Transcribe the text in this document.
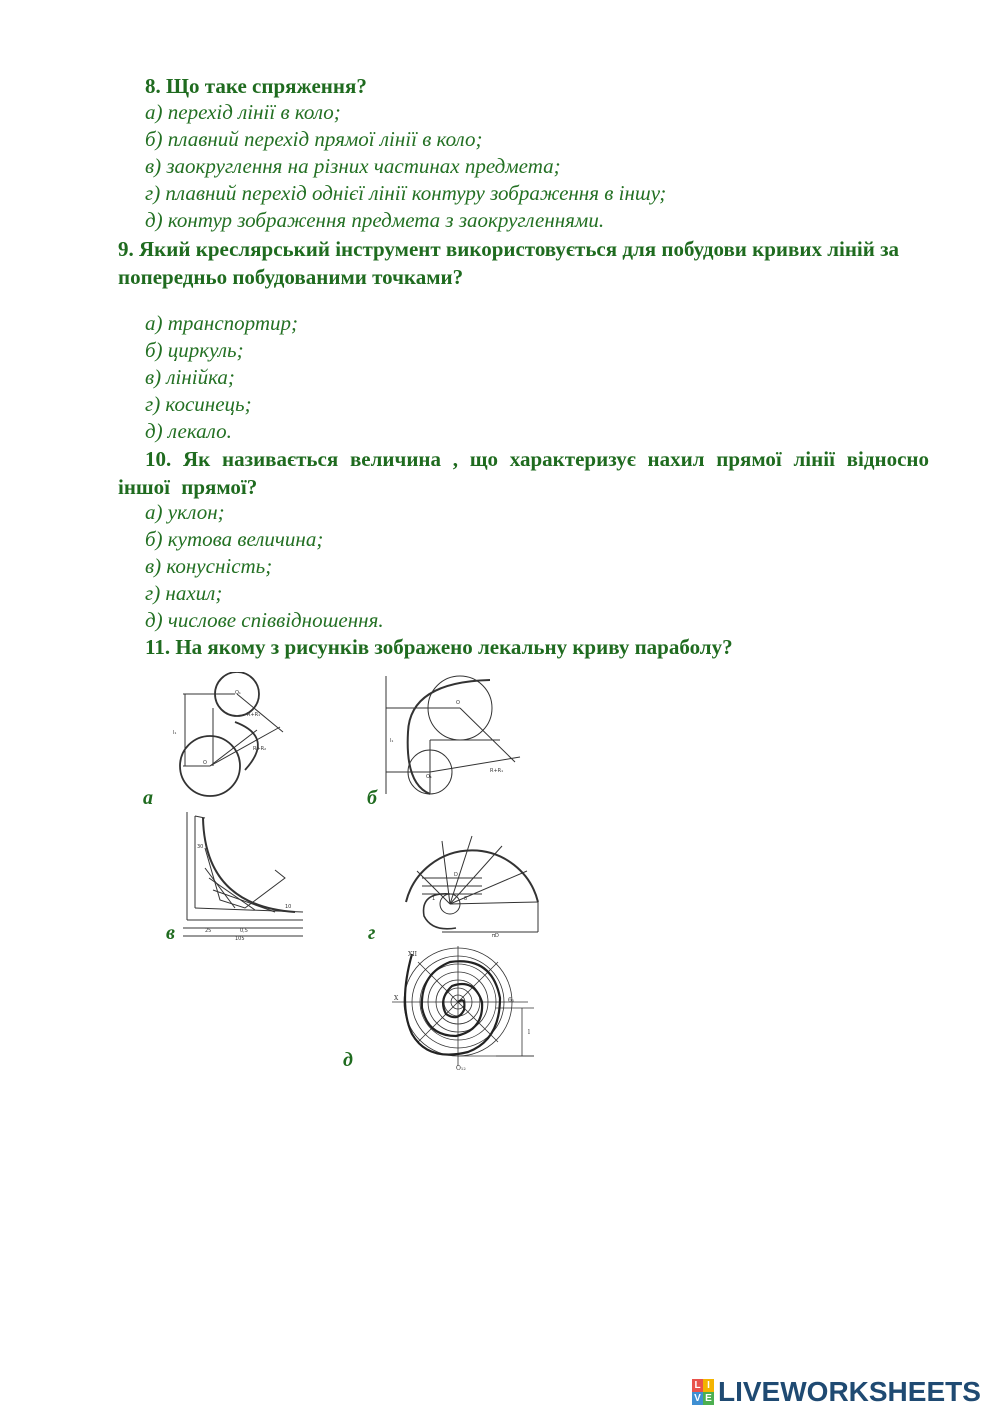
8. Що таке спряження?

а) перехід лінії в коло;

б) плавний перехід прямої лінії в коло;

в) заокруглення на різних частинах предмета;

г) плавний перехід однієї лінії контуру зображення в іншу;

д) контур зображення предмета з заокругленнями.

9. Який креслярський інструмент використовується для побудови кривих ліній за попередньо побудованими точками?

а) транспортир;

б) циркуль;

в) лінійка;

г) косинець;

д) лекало.

10. Як називається величина , що характеризує нахил прямої лінії відносно іншої прямої?

а) уклон;

б) кутова величина;

в) конусність;

г) нахил;

д) числове співвідношення.

11. На якому з рисунків зображено лекальну криву параболу?

l₁
R+R₁
R+R₂
O
O₁
а
l₁
R+R₁
O
O₁
б
25	0,5
105
30
10
в
D
πD
1	8
г
XII
X	6₁
l
O₁₂
д
L I
V E LIVEWORKSHEETS
